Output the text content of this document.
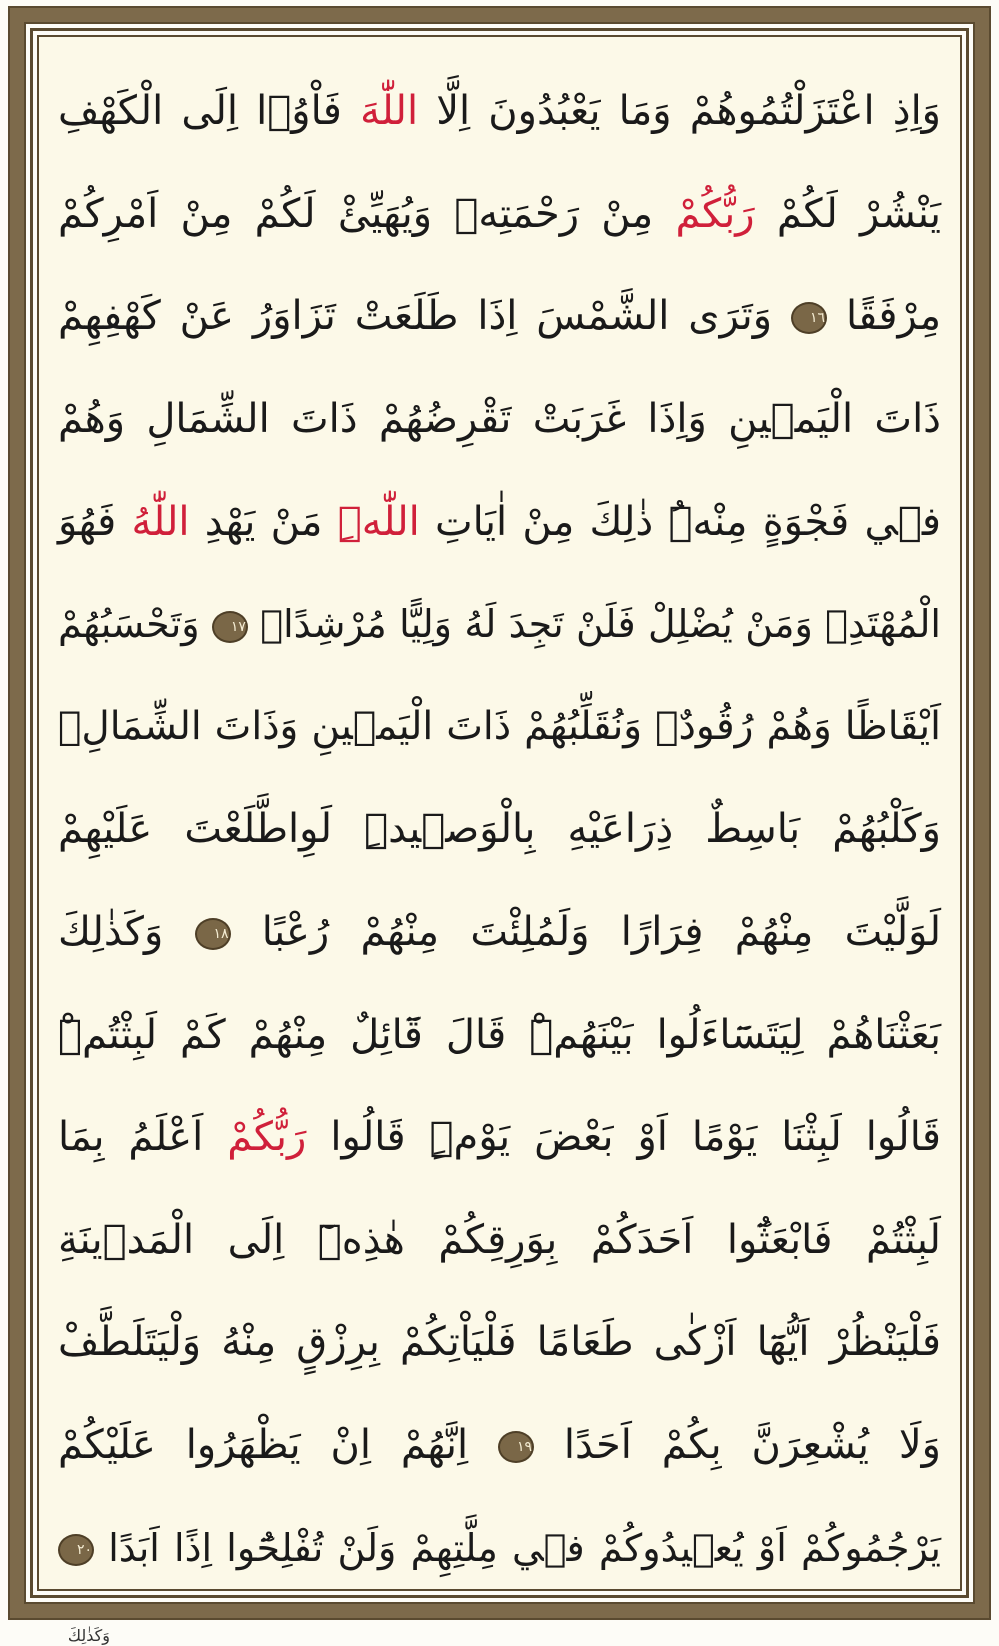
وَاِذِ اعْتَزَلْتُمُوهُمْ وَمَا يَعْبُدُونَ اِلَّا اللّٰهَ فَاْوُۤا اِلَى الْكَهْفِ
يَنْشُرْ لَكُمْ رَبُّكُمْ مِنْ رَحْمَتِه۪ وَيُهَيِّئْ لَكُمْ مِنْ اَمْرِكُمْ
مِرْفَقًا ١٦ وَتَرَى الشَّمْسَ اِذَا طَلَعَتْ تَزَاوَرُ عَنْ كَهْفِهِمْ
ذَاتَ الْيَم۪ينِ وَاِذَا غَرَبَتْ تَقْرِضُهُمْ ذَاتَ الشِّمَالِ وَهُمْ
ف۪ي فَجْوَةٍ مِنْهُۜ ذٰلِكَ مِنْ اٰيَاتِ اللّٰهِۜ مَنْ يَهْدِ اللّٰهُ فَهُوَ
الْمُهْتَدِۚ وَمَنْ يُضْلِلْ فَلَنْ تَجِدَ لَهُ وَلِيًّا مُرْشِدًا۟ ١٧ وَتَحْسَبُهُمْ
اَيْقَاظًا وَهُمْ رُقُودٌۗ وَنُقَلِّبُهُمْ ذَاتَ الْيَم۪ينِ وَذَاتَ الشِّمَالِۗ
وَكَلْبُهُمْ بَاسِطٌ ذِرَاعَيْهِ بِالْوَص۪يدِۜ لَوِاطَّلَعْتَ عَلَيْهِمْ
لَوَلَّيْتَ مِنْهُمْ فِرَارًا وَلَمُلِئْتَ مِنْهُمْ رُعْبًا ١٨ وَكَذٰلِكَ
بَعَثْنَاهُمْ لِيَتَسَٓاءَلُوا بَيْنَهُمْۜ قَالَ قَٓائِلٌ مِنْهُمْ كَمْ لَبِثْتُمْۜ
قَالُوا لَبِثْنَا يَوْمًا اَوْ بَعْضَ يَوْمٍۜ قَالُوا رَبُّكُمْ اَعْلَمُ بِمَا
لَبِثْتُمْ فَابْعَثُٓوا اَحَدَكُمْ بِوَرِقِكُمْ هٰذِه۪ٓ اِلَى الْمَد۪ينَةِ
فَلْيَنْظُرْ اَيُّهَٓا اَزْكٰى طَعَامًا فَلْيَاْتِكُمْ بِرِزْقٍ مِنْهُ وَلْيَتَلَطَّفْ
وَلَا يُشْعِرَنَّ بِكُمْ اَحَدًا ١٩ اِنَّهُمْ اِنْ يَظْهَرُوا عَلَيْكُمْ
يَرْجُمُوكُمْ اَوْ يُع۪يدُوكُمْ ف۪ي مِلَّتِهِمْ وَلَنْ تُفْلِحُٓوا اِذًا اَبَدًا ٢٠
وَكَذٰلِكَ
